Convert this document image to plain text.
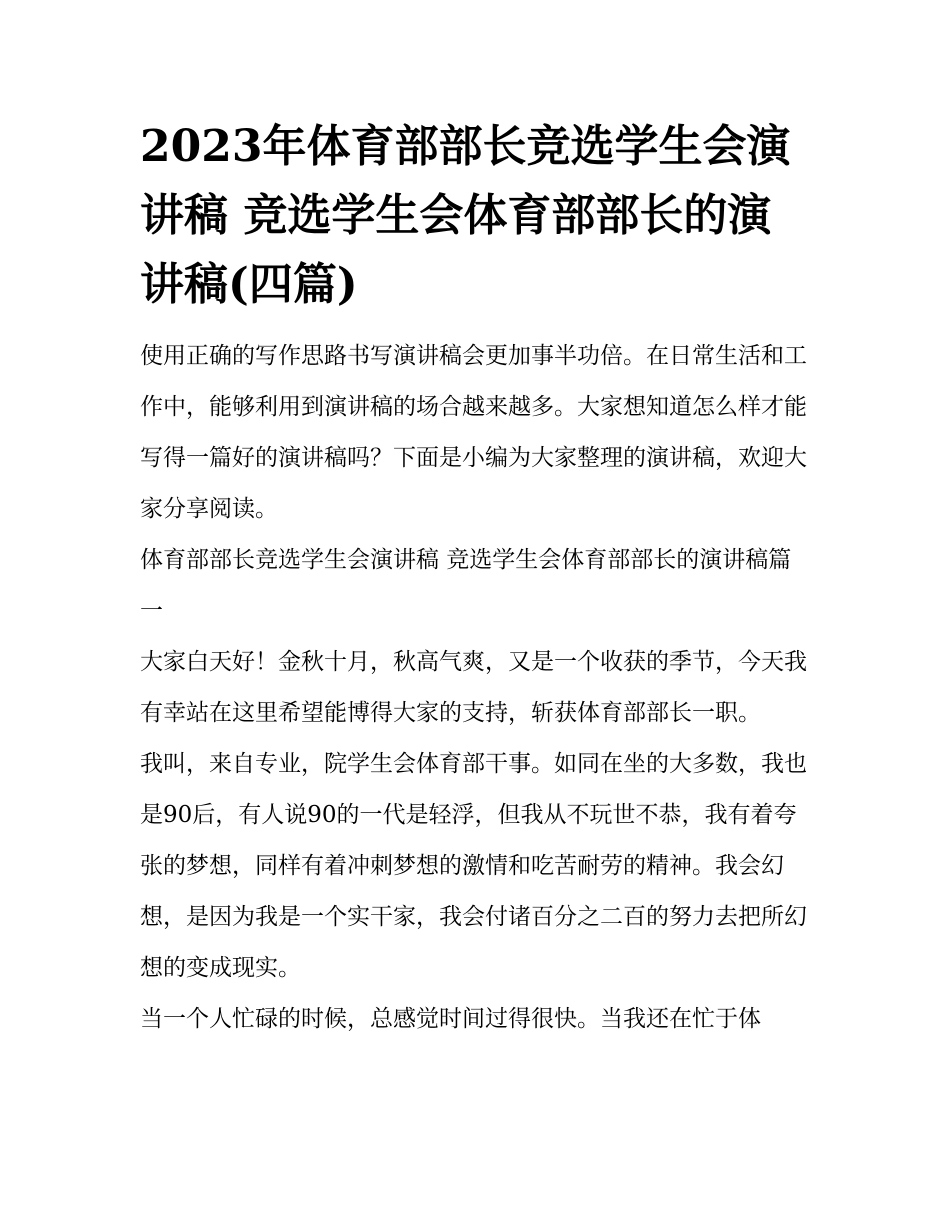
2023年体育部部长竞选学生会演讲稿 竞选学生会体育部部长的演讲稿(四篇)

使用正确的写作思路书写演讲稿会更加事半功倍。在日常生活和工作中，能够利用到演讲稿的场合越来越多。大家想知道怎么样才能写得一篇好的演讲稿吗？下面是小编为大家整理的演讲稿，欢迎大家分享阅读。

体育部部长竞选学生会演讲稿 竞选学生会体育部部长的演讲稿篇一

大家白天好！金秋十月，秋高气爽，又是一个收获的季节，今天我有幸站在这里希望能博得大家的支持，斩获体育部部长一职。

我叫，来自专业，院学生会体育部干事。如同在坐的大多数，我也是90后，有人说90的一代是轻浮，但我从不玩世不恭，我有着夸张的梦想，同样有着冲刺梦想的激情和吃苦耐劳的精神。我会幻想，是因为我是一个实干家，我会付诸百分之二百的努力去把所幻想的变成现实。

当一个人忙碌的时候，总感觉时间过得很快。当我还在忙于体
